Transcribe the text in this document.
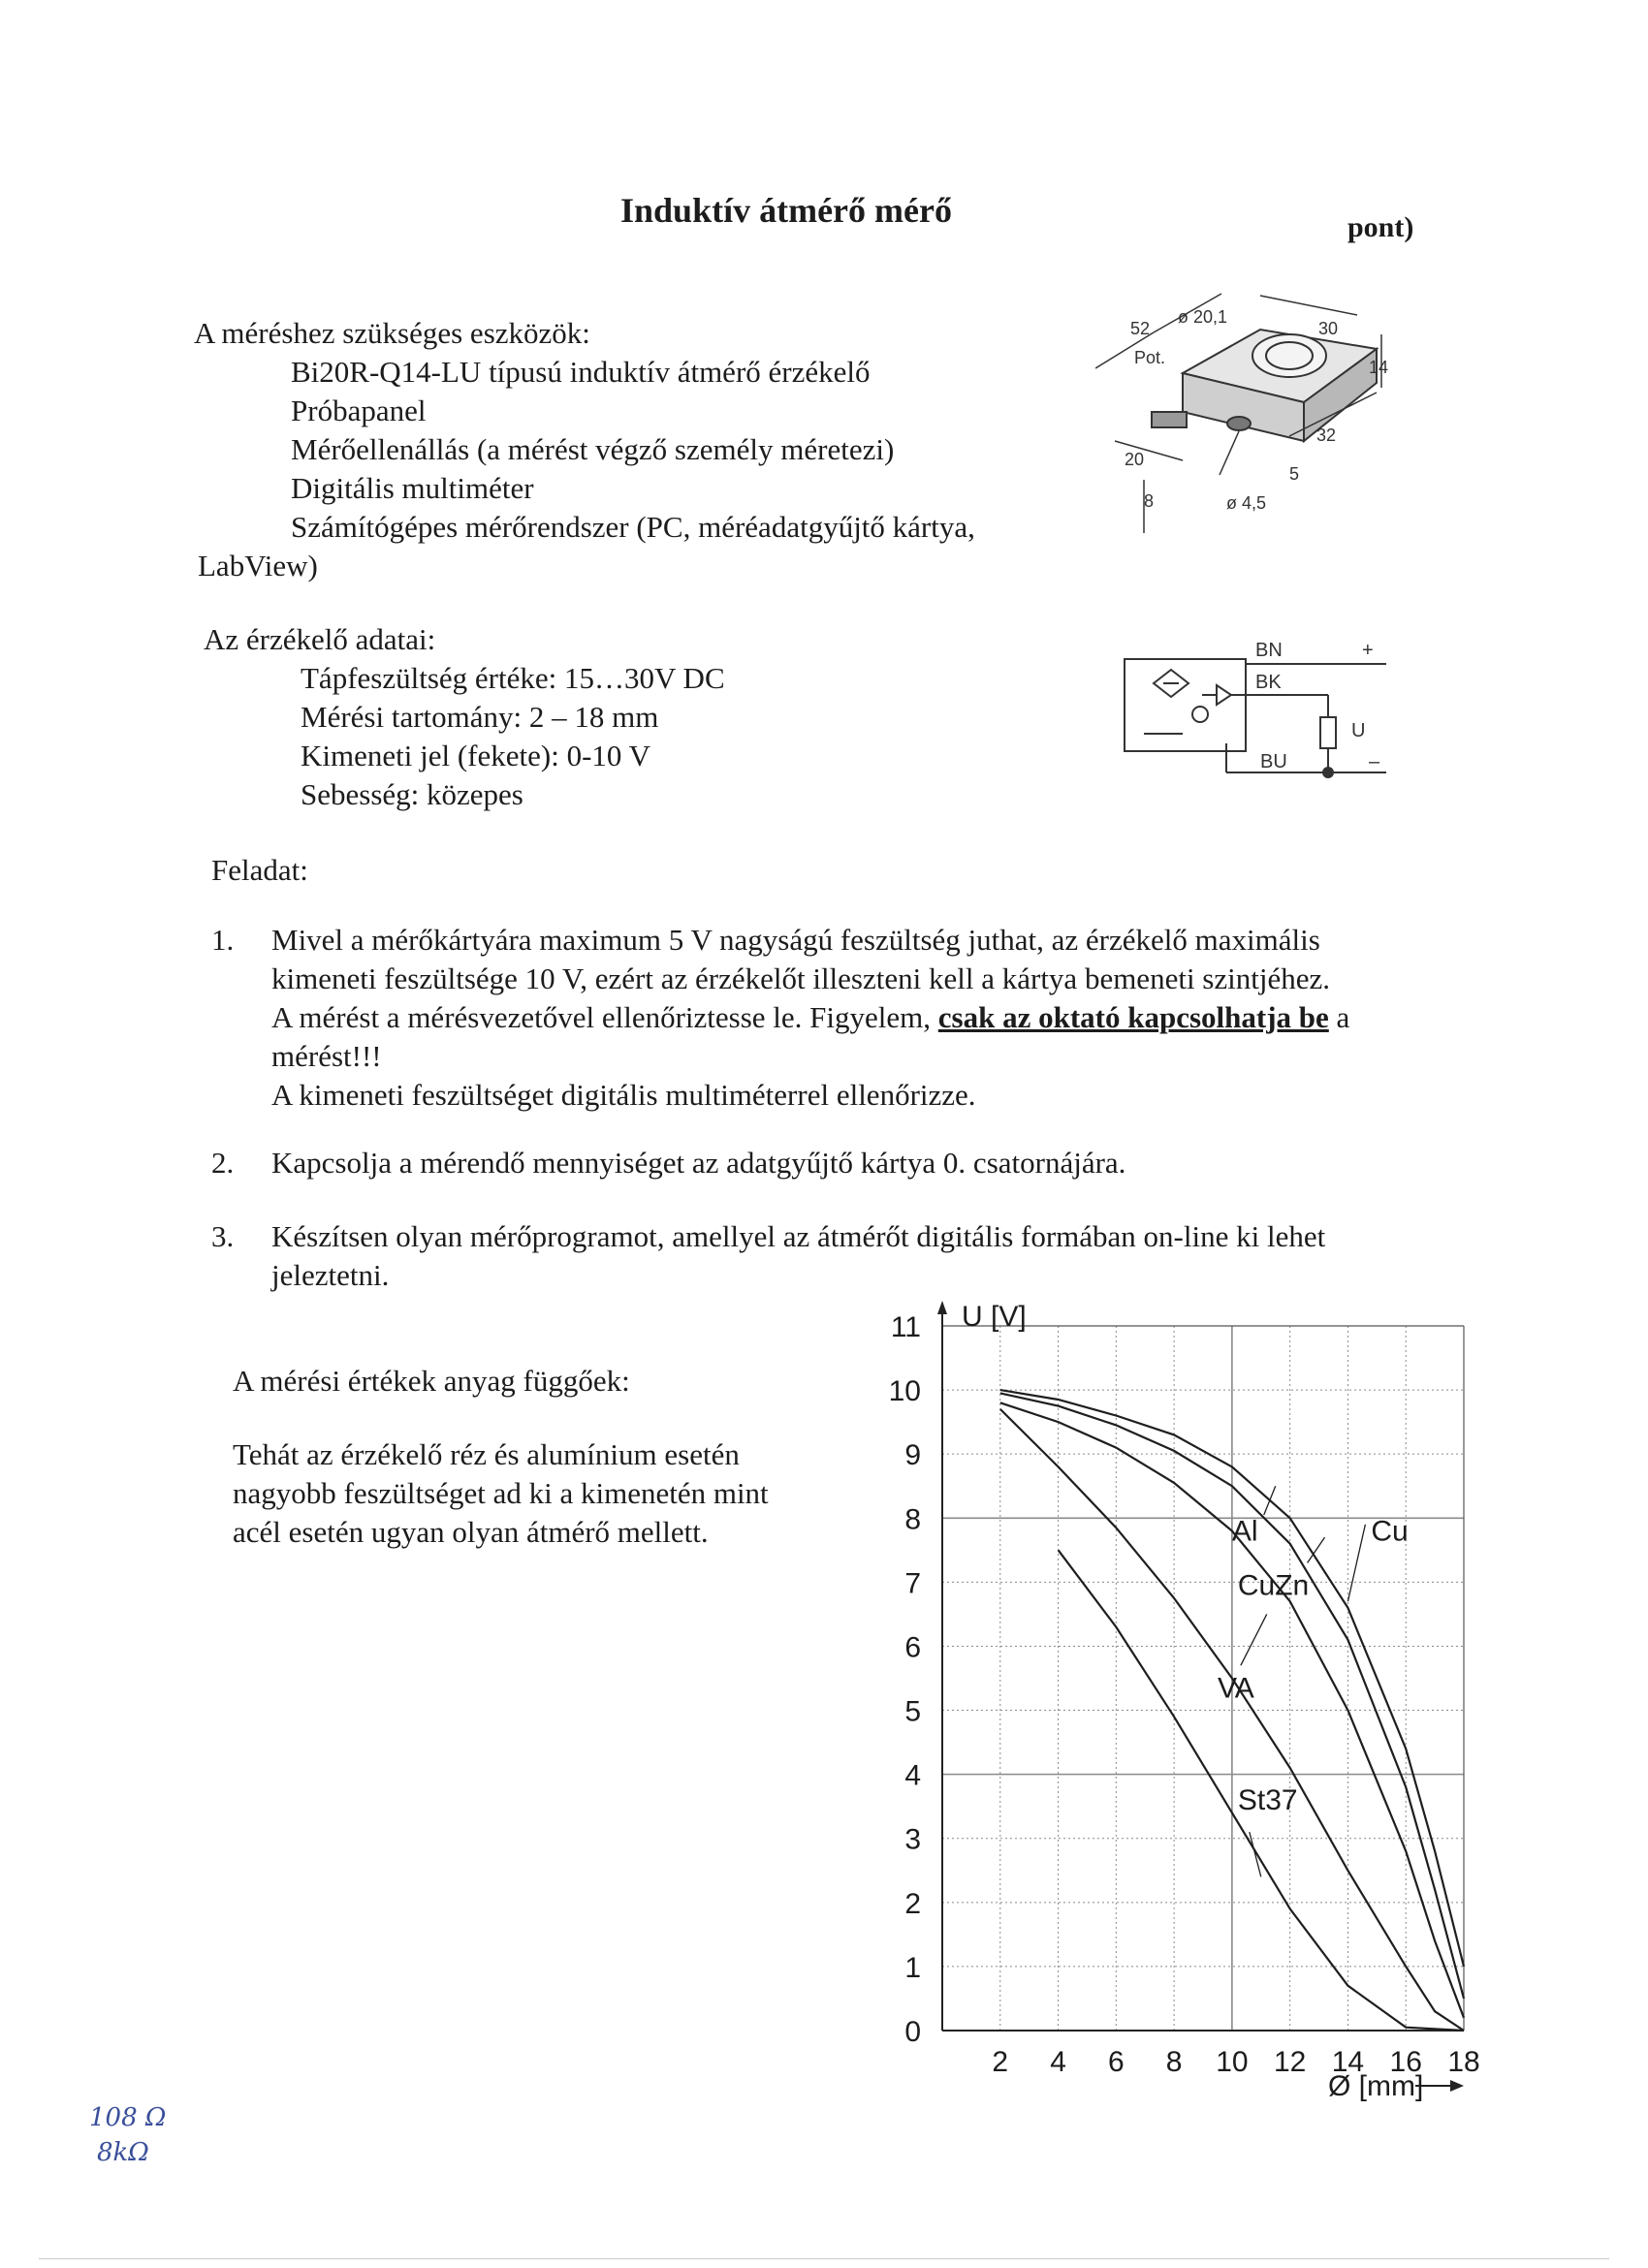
Induktív átmérő mérő	pont)
A méréshez szükséges eszközök:
Bi20R-Q14-LU típusú induktív átmérő érzékelő
Próbapanel
Mérőellenállás (a mérést végző személy méretezi)
Digitális multiméter
Számítógépes mérőrendszer (PC, méréadatgyűjtő kártya,
LabView)
52
ø 20,1
30
Pot.	14
32
20
5
8	ø 4,5
Az érzékelő adatai:
Tápfeszültség értéke: 15…30V DC
Mérési tartomány: 2 – 18 mm
Kimeneti jel (fekete): 0-10 V
Sebesség: közepes
BN	+
BK
U
BU	–
Feladat:
1. Mivel a mérőkártyára maximum 5 V nagyságú feszültség juthat, az érzékelő maximális
kimeneti feszültsége 10 V, ezért az érzékelőt illeszteni kell a kártya bemeneti szintjéhez.
A mérést a mérésvezetővel ellenőriztesse le. Figyelem, csak az oktató kapcsolhatja be a
mérést!!!
A kimeneti feszültséget digitális multiméterrel ellenőrizze.
2. Kapcsolja a mérendő mennyiséget az adatgyűjtő kártya 0. csatornájára.
3. Készítsen olyan mérőprogramot, amellyel az átmérőt digitális formában on-line ki lehet
jeleztetni.
A mérési értékek anyag függőek:
Tehát az érzékelő réz és alumínium esetén
nagyobb feszültséget ad ki a kimenetén mint
acél esetén ugyan olyan átmérő mellett.
0
1
2
3
4
5
6
7
8
9
10
11
2 4 6 8 10 12 14 16 18
Al	Cu
CuZn
VA
St37
U [V]
Ø [mm]
108 Ω
8kΩ
